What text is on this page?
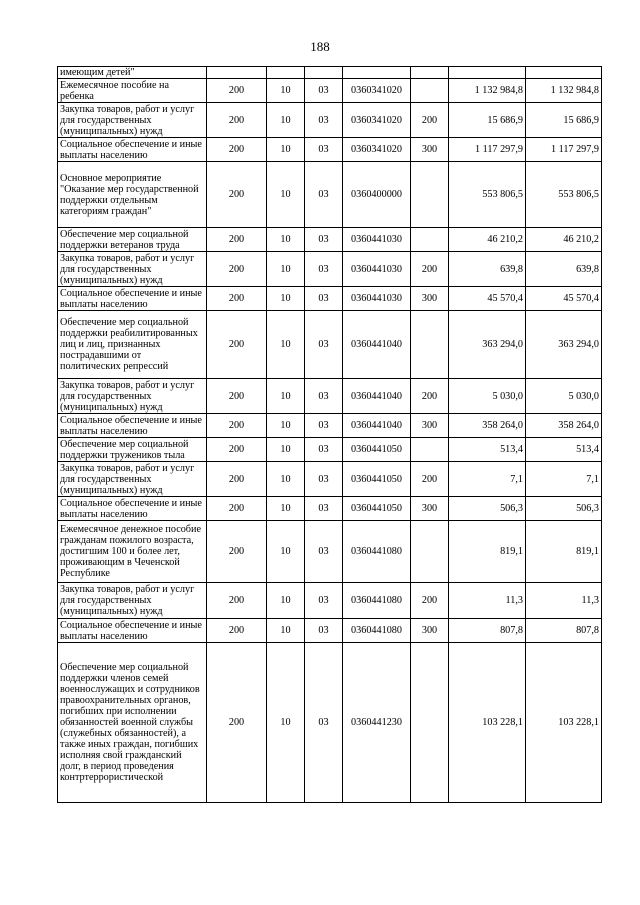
188
имеющим детей"							
Ежемесячное пособие на ребенка	200	10	03	0360341020		1 132 984,8	1 132 984,8
Закупка товаров, работ и услуг для государственных (муниципальных) нужд	200	10	03	0360341020	200	15 686,9	15 686,9
Социальное обеспечение и иные выплаты населению	200	10	03	0360341020	300	1 117 297,9	1 117 297,9
Основное мероприятие "Оказание мер государственной поддержки отдельным категориям граждан"	200	10	03	0360400000		553 806,5	553 806,5
Обеспечение мер социальной поддержки ветеранов труда	200	10	03	0360441030		46 210,2	46 210,2
Закупка товаров, работ и услуг для государственных (муниципальных) нужд	200	10	03	0360441030	200	639,8	639,8
Социальное обеспечение и иные выплаты населению	200	10	03	0360441030	300	45 570,4	45 570,4
Обеспечение мер социальной поддержки реабилитированных лиц и лиц, признанных пострадавшими от политических репрессий	200	10	03	0360441040		363 294,0	363 294,0
Закупка товаров, работ и услуг для государственных (муниципальных) нужд	200	10	03	0360441040	200	5 030,0	5 030,0
Социальное обеспечение и иные выплаты населению	200	10	03	0360441040	300	358 264,0	358 264,0
Обеспечение мер социальной поддержки тружеников тыла	200	10	03	0360441050		513,4	513,4
Закупка товаров, работ и услуг для государственных (муниципальных) нужд	200	10	03	0360441050	200	7,1	7,1
Социальное обеспечение и иные выплаты населению	200	10	03	0360441050	300	506,3	506,3
Ежемесячное денежное пособие гражданам пожилого возраста, достигшим 100 и более лет, проживающим в Чеченской Республике	200	10	03	0360441080		819,1	819,1
Закупка товаров, работ и услуг для государственных (муниципальных) нужд	200	10	03	0360441080	200	11,3	11,3
Социальное обеспечение и иные выплаты населению	200	10	03	0360441080	300	807,8	807,8
Обеспечение мер социальной поддержки членов семей военнослужащих и сотрудников правоохранительных органов, погибших при исполнении обязанностей военной службы (служебных обязанностей), а также иных граждан, погибших исполняя свой гражданский долг, в период проведения контртеррористической	200	10	03	0360441230		103 228,1	103 228,1
